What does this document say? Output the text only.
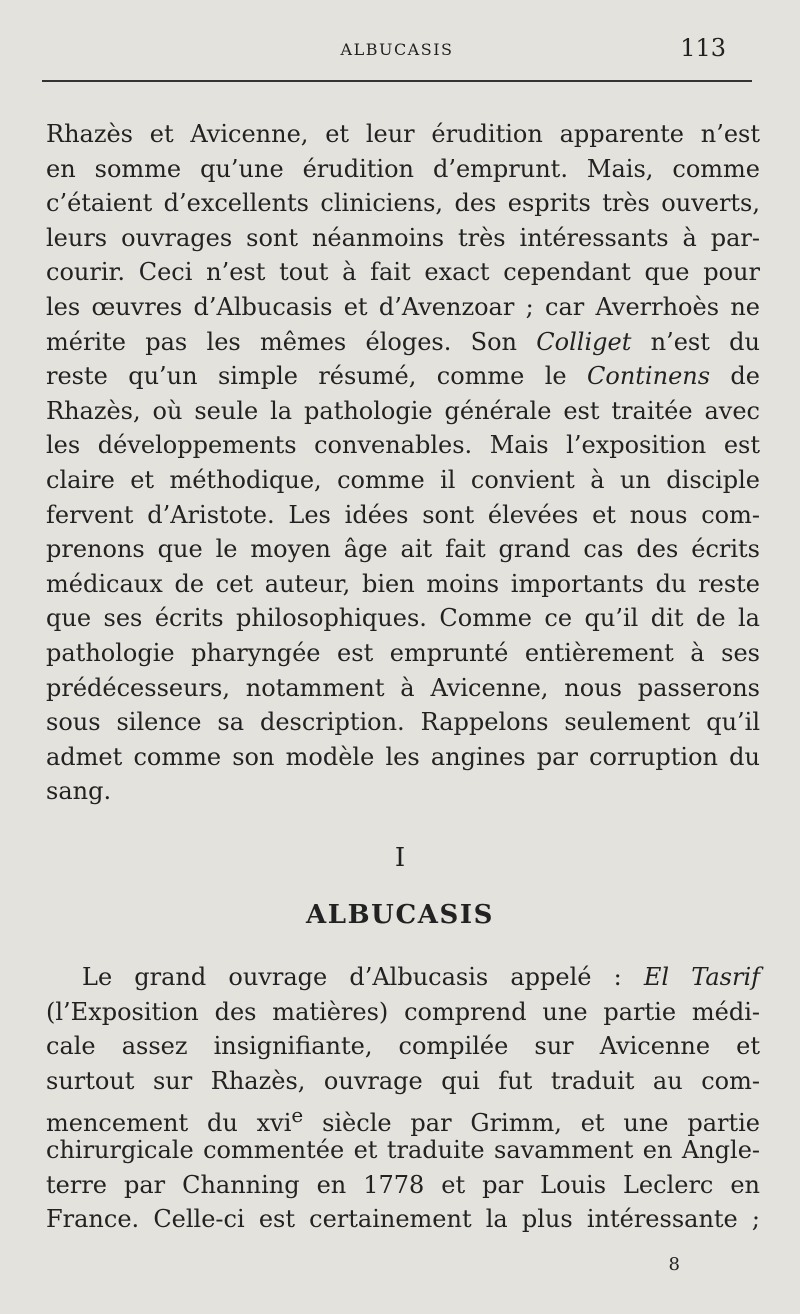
ALBUCASIS	113
Rhazès et Avicenne, et leur érudition apparente n’est
en somme qu’une érudition d’emprunt. Mais, comme
c’étaient d’excellents cliniciens, des esprits très ouverts,
leurs ouvrages sont néanmoins très intéressants à par-
courir. Ceci n’est tout à fait exact cependant que pour
les œuvres d’Albucasis et d’Avenzoar ; car Averrhoès ne
mérite pas les mêmes éloges. Son Colliget n’est du
reste qu’un simple résumé, comme le Continens de
Rhazès, où seule la pathologie générale est traitée avec
les développements convenables. Mais l’exposition est
claire et méthodique, comme il convient à un disciple
fervent d’Aristote. Les idées sont élevées et nous com-
prenons que le moyen âge ait fait grand cas des écrits
médicaux de cet auteur, bien moins importants du reste
que ses écrits philosophiques. Comme ce qu’il dit de la
pathologie pharyngée est emprunté entièrement à ses
prédécesseurs, notamment à Avicenne, nous passerons
sous silence sa description. Rappelons seulement qu’il
admet comme son modèle les angines par corruption du
sang.
I
ALBUCASIS
Le grand ouvrage d’Albucasis appelé : El Tasrif
(l’Exposition des matières) comprend une partie médi-
cale assez insignifiante, compilée sur Avicenne et
surtout sur Rhazès, ouvrage qui fut traduit au com-
mencement du xvi$^e$ siècle par Grimm, et une partie
chirurgicale commentée et traduite savamment en Angle-
terre par Channing en 1778 et par Louis Leclerc en
France. Celle-ci est certainement la plus intéressante ;
8
